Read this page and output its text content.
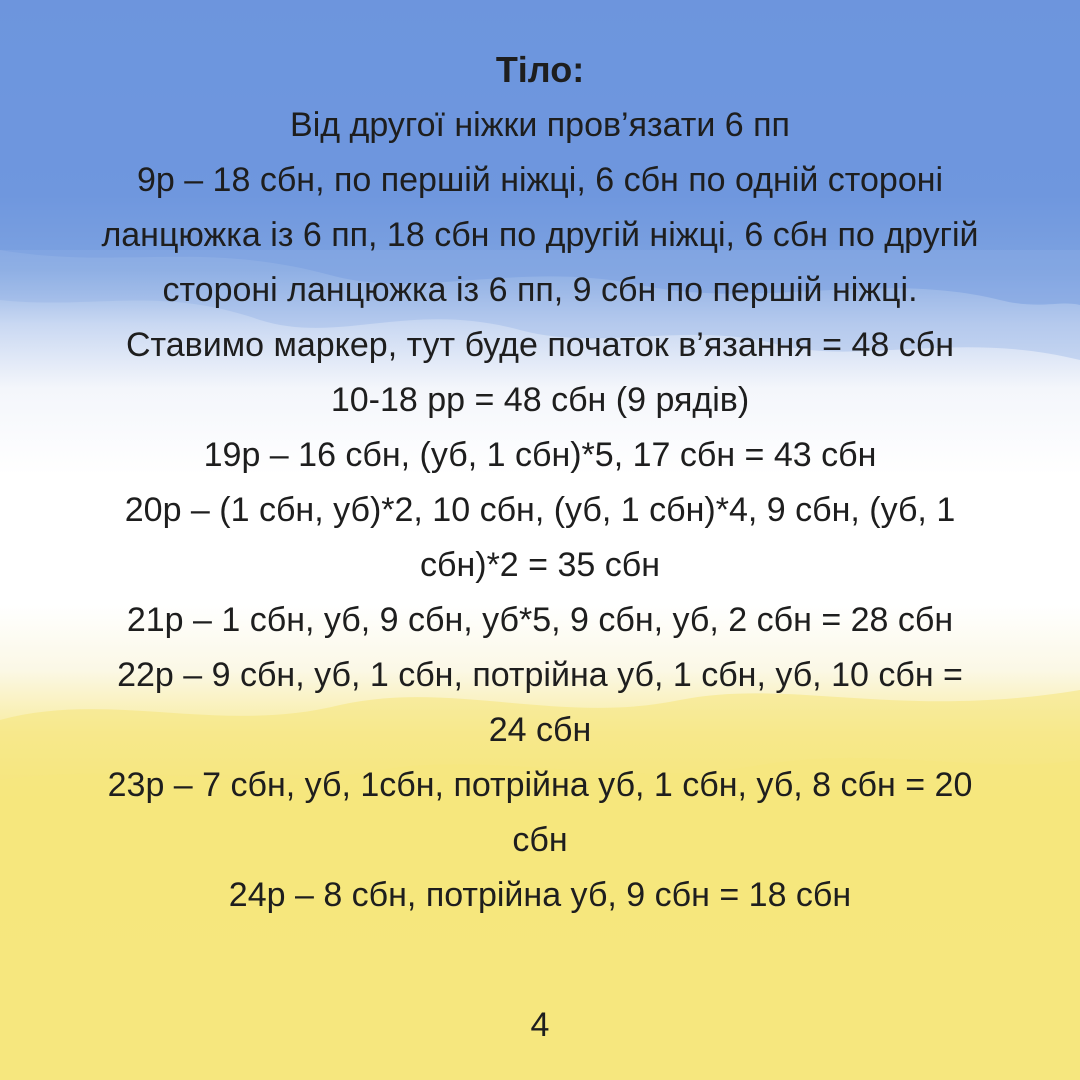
Тіло:

Від другої ніжки пров’язати 6 пп

9р – 18 сбн, по першій ніжці, 6 сбн по одній стороні

ланцюжка із 6 пп, 18 сбн по другій ніжці, 6 сбн по другій

стороні ланцюжка із 6 пп, 9 сбн по першій ніжці.

Ставимо маркер, тут буде початок в’язання = 48 сбн

10-18 рр = 48 сбн (9 рядів)

19р – 16 сбн, (уб, 1 сбн)*5, 17 сбн = 43 сбн

20р – (1 сбн, уб)*2, 10 сбн, (уб, 1 сбн)*4, 9 сбн, (уб, 1

сбн)*2 = 35 сбн

21р – 1 сбн, уб, 9 сбн, уб*5, 9 сбн, уб, 2 сбн = 28 сбн

22р – 9 сбн, уб, 1 сбн, потрійна уб, 1 сбн, уб, 10 сбн =

24 сбн

23р – 7 сбн, уб, 1сбн, потрійна уб, 1 сбн, уб, 8 сбн = 20

сбн

24р – 8 сбн, потрійна уб, 9 сбн = 18 сбн

4
